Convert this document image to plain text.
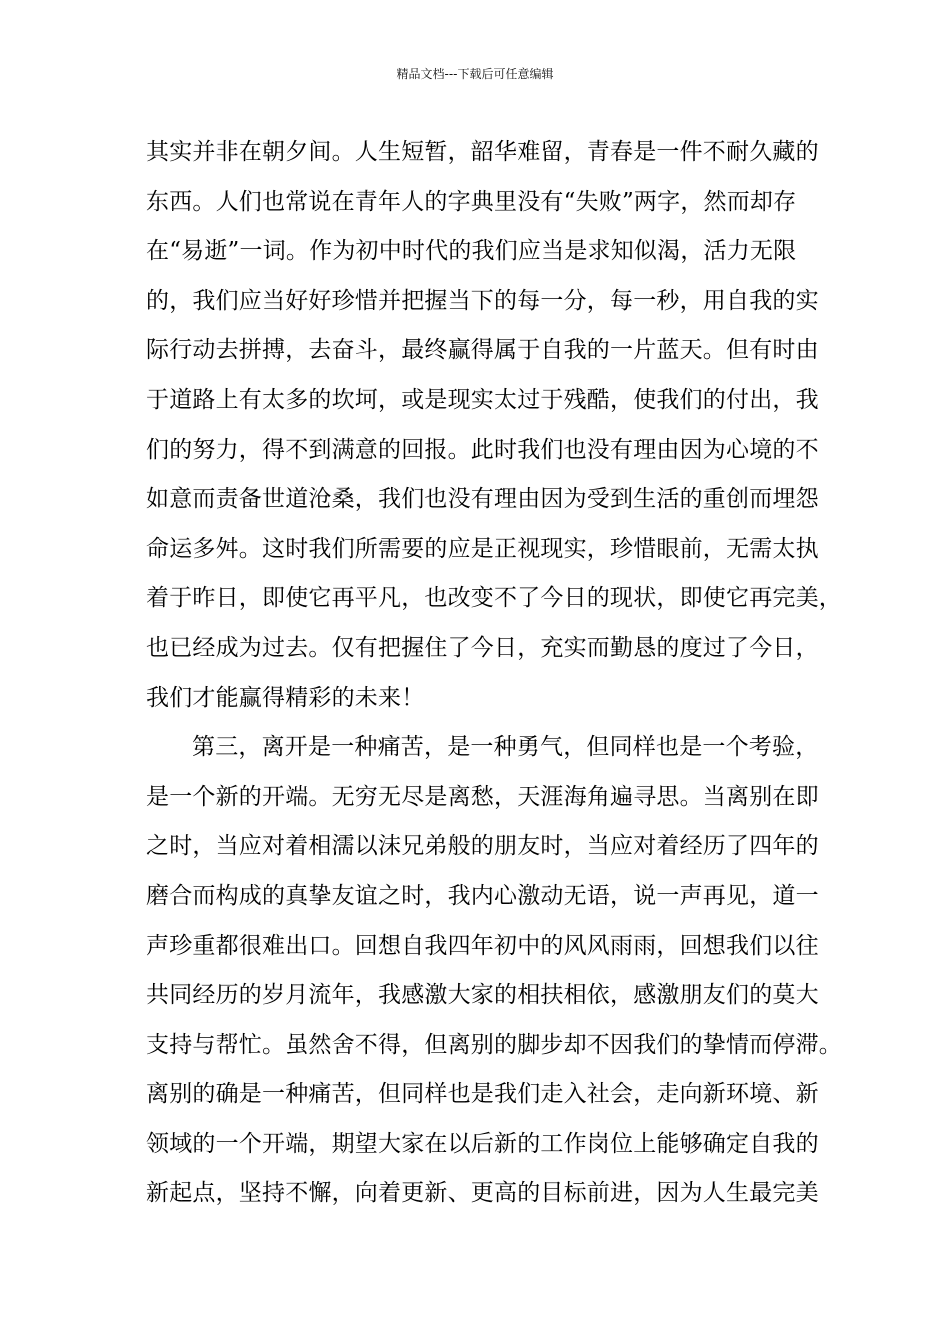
精品文档---下载后可任意编辑
其实并非在朝夕间。人生短暂，韶华难留，青春是一件不耐久藏的
东西。人们也常说在青年人的字典里没有“失败”两字，然而却存
在“易逝”一词。作为初中时代的我们应当是求知似渴，活力无限
的，我们应当好好珍惜并把握当下的每一分，每一秒，用自我的实
际行动去拼搏，去奋斗，最终赢得属于自我的一片蓝天。但有时由
于道路上有太多的坎坷，或是现实太过于残酷，使我们的付出，我
们的努力，得不到满意的回报。此时我们也没有理由因为心境的不
如意而责备世道沧桑，我们也没有理由因为受到生活的重创而埋怨
命运多舛。这时我们所需要的应是正视现实，珍惜眼前，无需太执
着于昨日，即使它再平凡，也改变不了今日的现状，即使它再完美，
也已经成为过去。仅有把握住了今日，充实而勤恳的度过了今日，
我们才能赢得精彩的未来！
第三，离开是一种痛苦，是一种勇气，但同样也是一个考验，
是一个新的开端。无穷无尽是离愁，天涯海角遍寻思。当离别在即
之时，当应对着相濡以沫兄弟般的朋友时，当应对着经历了四年的
磨合而构成的真挚友谊之时，我内心激动无语，说一声再见，道一
声珍重都很难出口。回想自我四年初中的风风雨雨，回想我们以往
共同经历的岁月流年，我感激大家的相扶相依，感激朋友们的莫大
支持与帮忙。虽然舍不得，但离别的脚步却不因我们的挚情而停滞。
离别的确是一种痛苦，但同样也是我们走入社会，走向新环境、新
领域的一个开端，期望大家在以后新的工作岗位上能够确定自我的
新起点，坚持不懈，向着更新、更高的目标前进，因为人生最完美
